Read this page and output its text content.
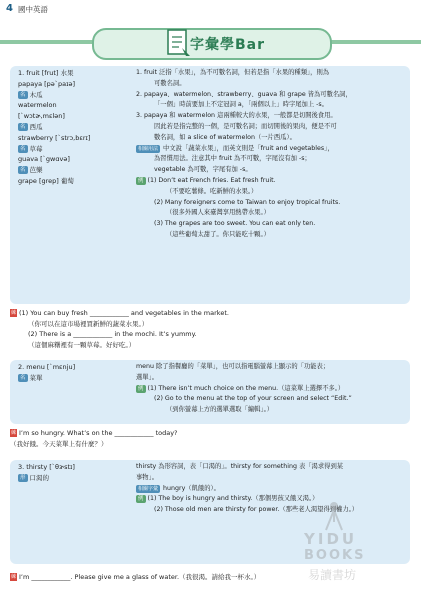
4 國中英語
字彙學Bar
1. fruit [frut] 水果
papaya [pə`paɪə]
名 木瓜
watermelon
[`wɔtɚ,mɛlən]
名 西瓜
strawberry [`strɔ,bɛrɪ]
名 草莓
guava [`gwɑvə]
名 芭樂
grape [grep] 葡萄
1. fruit 泛指「水果」，為不可數名詞，但若是指「水果的種類」，則為
可數名詞。
2. papaya、watermelon、strawberry、guava 和 grape 皆為可數名詞，
「一個」時前要加上不定冠詞 a，「兩個以上」時字尾加上 -s。
3. papaya 和 watermelon 這兩種較大的水果，一般都是切開後食用。
因此若是指完整的一個，是可數名詞；而切開後的果肉，便是不可
數名詞，如 a slice of watermelon（一片西瓜）。
相關用法 中文說「蔬菜水果」，而英文則是「fruit and vegetables」，
為習慣用法。注意其中 fruit 為不可數，字尾沒有加 -s；
vegetable 為可數，字尾有加 -s。
例 (1) Don’t eat French fries. Eat fresh fruit.
（不要吃薯條。吃新鮮的水果。）
(2) Many foreigners come to Taiwan to enjoy tropical fruits.
（很多外國人來臺灣享用熱帶水果。）
(3) The grapes are too sweet. You can eat only ten.
（這些葡萄太甜了。你只能吃十顆。）
練 (1) You can buy fresh ____________ and vegetables in the market.
（你可以在這市場裡買新鮮的蔬菜水果。）
(2) There is a ____________ in the mochi. It’s yummy.
（這個麻糬裡有一顆草莓。好好吃。）
2. menu [`mɛnju]
名 菜單
menu 除了指餐廳的「菜單」，也可以指電腦螢幕上顯示的「功能表；
選單」。
例 (1) There isn’t much choice on the menu.（這菜單上選擇不多。）
(2) Go to the menu at the top of your screen and select “Edit.”
（到你螢幕上方的選單選取「編輯」。）
練 I’m so hungry. What’s on the ____________ today?
（我好餓。今天菜單上有什麼？）
3. thirsty [`θɝstɪ]
形 口渴的
thirsty 為形容詞，表「口渴的」。thirsty for something 表「渴求得到某
事物」。
相關字彙 hungry（飢餓的）。
例 (1) The boy is hungry and thirsty.（那個男孩又餓又渴。）
(2) Those old men are thirsty for power.（那些老人渴望得到權力。）
練 I’m ____________. Please give me a glass of water.（我很渴。請給我一杯水。）
YIDU
BOOKS
易讀書坊
